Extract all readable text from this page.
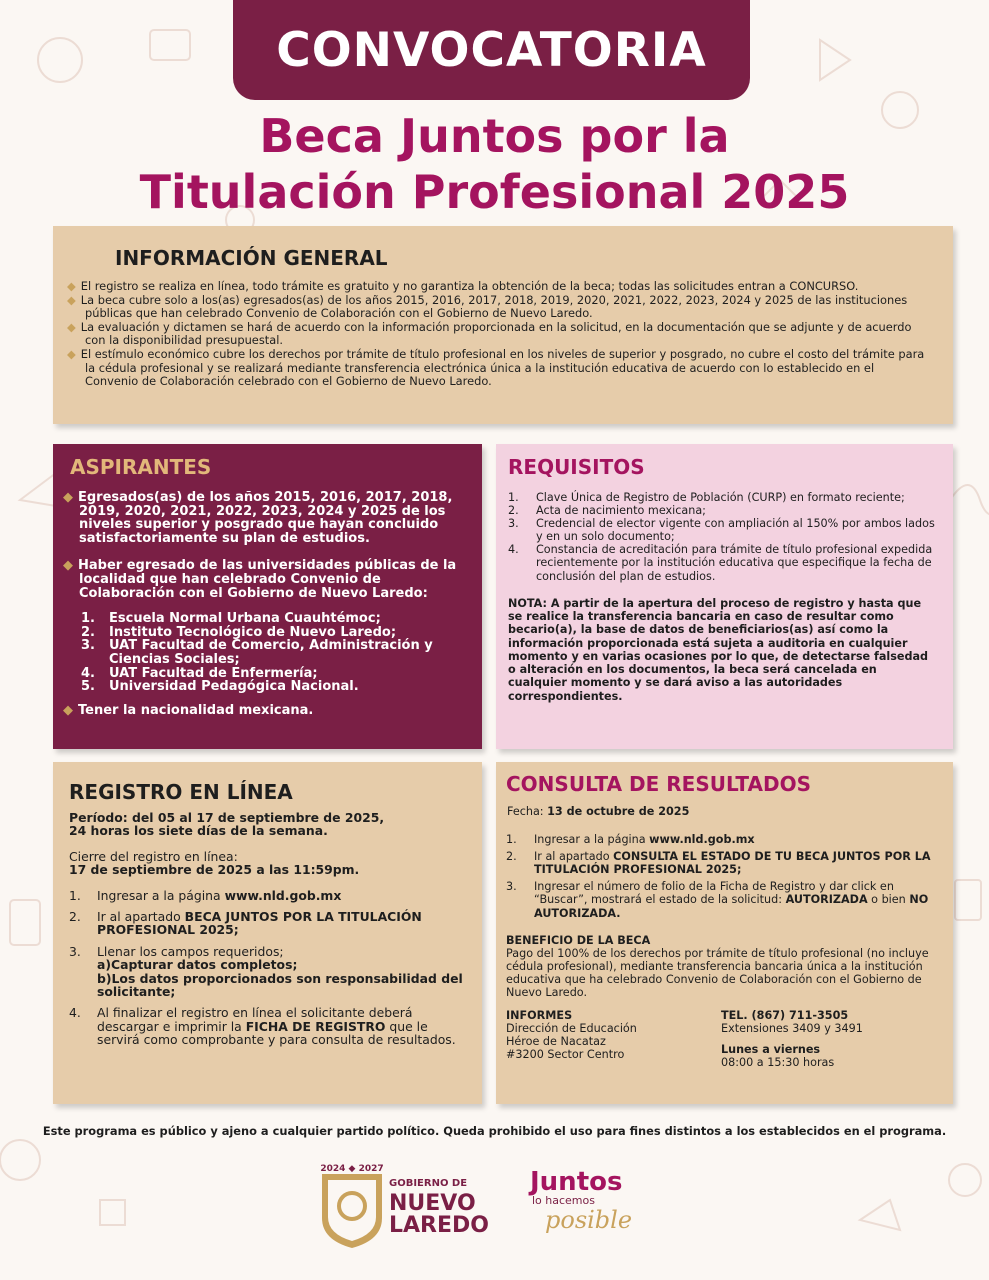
CONVOCATORIA
Beca Juntos por la
Titulación Profesional 2025
INFORMACIÓN GENERAL
◆ El registro se realiza en línea, todo trámite es gratuito y no garantiza la obtención de la beca; todas las solicitudes entran a CONCURSO.
◆ La beca cubre solo a los(as) egresados(as) de los años 2015, 2016, 2017, 2018, 2019, 2020, 2021, 2022, 2023, 2024 y 2025 de las instituciones públicas que han celebrado Convenio de Colaboración con el Gobierno de Nuevo Laredo.
◆ La evaluación y dictamen se hará de acuerdo con la información proporcionada en la solicitud, en la documentación que se adjunte y de acuerdo con la disponibilidad presupuestal.
◆ El estímulo económico cubre los derechos por trámite de título profesional en los niveles de superior y posgrado, no cubre el costo del trámite para la cédula profesional y se realizará mediante transferencia electrónica única a la institución educativa de acuerdo con lo establecido en el Convenio de Colaboración celebrado con el Gobierno de Nuevo Laredo.
ASPIRANTES
◆ Egresados(as) de los años 2015, 2016, 2017, 2018, 2019, 2020, 2021, 2022, 2023, 2024 y 2025 de los niveles superior y posgrado que hayan concluido satisfactoriamente su plan de estudios.
◆ Haber egresado de las universidades públicas de la localidad que han celebrado Convenio de Colaboración con el Gobierno de Nuevo Laredo:
1.	Escuela Normal Urbana Cuauhtémoc;
2.	Instituto Tecnológico de Nuevo Laredo;
3.	UAT Facultad de Comercio, Administración y Ciencias Sociales;
4.	UAT Facultad de Enfermería;
5.	Universidad Pedagógica Nacional.
◆ Tener la nacionalidad mexicana.
REQUISITOS
1.	Clave Única de Registro de Población (CURP) en formato reciente;
2.	Acta de nacimiento mexicana;
3.	Credencial de elector vigente con ampliación al 150% por ambos lados y en un solo documento;
4.	Constancia de acreditación para trámite de título profesional expedida recientemente por la institución educativa que especifique la fecha de conclusión del plan de estudios.

NOTA: A partir de la apertura del proceso de registro y hasta que se realice la transferencia bancaria en caso de resultar como becario(a), la base de datos de beneficiarios(as) así como la información proporcionada está sujeta a auditoria en cualquier momento y en varias ocasiones por lo que, de detectarse falsedad o alteración en los documentos, la beca será cancelada en cualquier momento y se dará aviso a las autoridades correspondientes.

REGISTRO EN LÍNEA
Período: del 05 al 17 de septiembre de 2025,
24 horas los siete días de la semana.
Cierre del registro en línea:
17 de septiembre de 2025 a las 11:59pm.
1.	Ingresar a la página www.nld.gob.mx
2.	Ir al apartado BECA JUNTOS POR LA TITULACIÓN PROFESIONAL 2025;
3.	Llenar los campos requeridos;
a)Capturar datos completos;
b)Los datos proporcionados son responsabilidad del solicitante;
4.	Al finalizar el registro en línea el solicitante deberá descargar e imprimir la FICHA DE REGISTRO que le servirá como comprobante y para consulta de resultados.
CONSULTA DE RESULTADOS
Fecha: 13 de octubre de 2025
1.	Ingresar a la página www.nld.gob.mx
2.	Ir al apartado CONSULTA EL ESTADO DE TU BECA JUNTOS POR LA TITULACIÓN PROFESIONAL 2025;
3.	Ingresar el número de folio de la Ficha de Registro y dar click en “Buscar”, mostrará el estado de la solicitud: AUTORIZADA o bien NO AUTORIZADA.
BENEFICIO DE LA BECA
Pago del 100% de los derechos por trámite de título profesional (no incluye cédula profesional), mediante transferencia bancaria única a la institución educativa que ha celebrado Convenio de Colaboración con el Gobierno de Nuevo Laredo.
INFORMES
Dirección de Educación
Héroe de Nacataz
#3200 Sector Centro
TEL. (867) 711-3505
Extensiones 3409 y 3491
Lunes a viernes
08:00 a 15:30 horas
Este programa es público y ajeno a cualquier partido político. Queda prohibido el uso para fines distintos a los establecidos en el programa.
2024 ◆ 2027
GOBIERNO DE
NUEVO
LAREDO
Juntos
lo hacemos
posible
